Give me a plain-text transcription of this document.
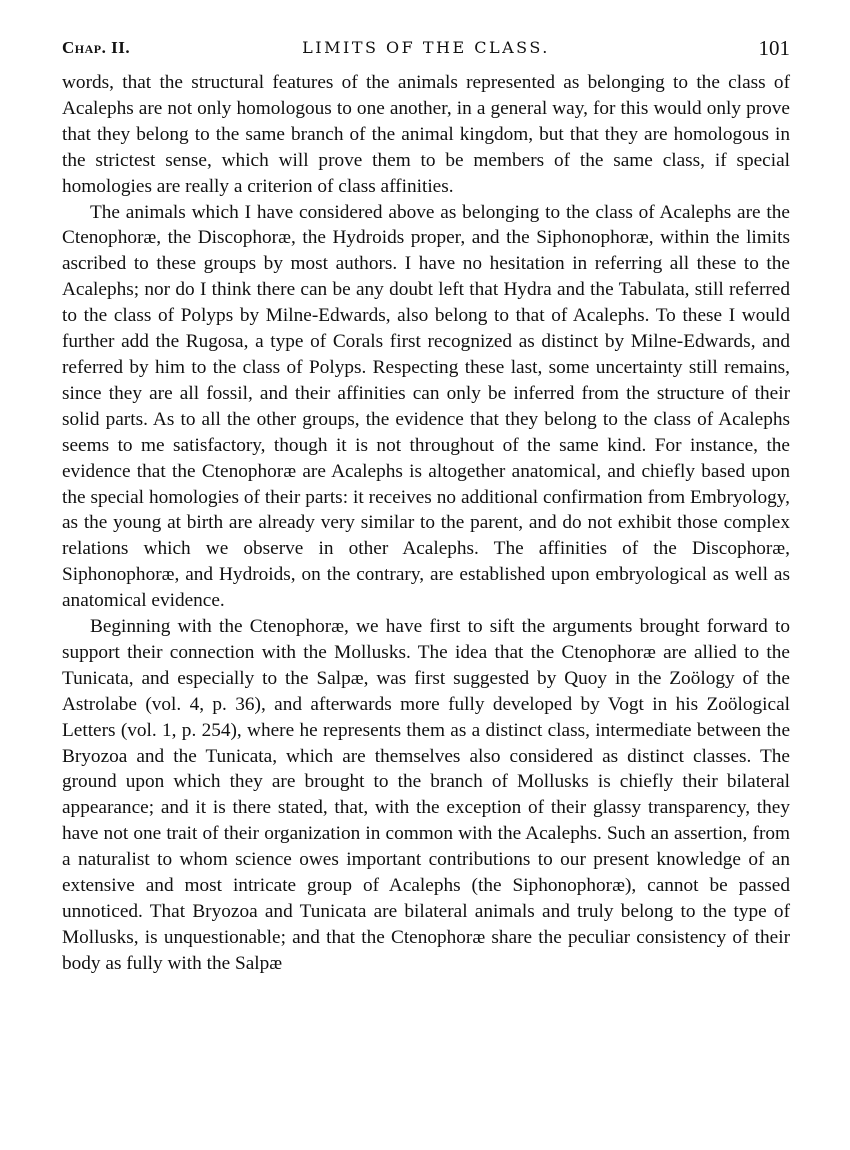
Chap. II.	LIMITS OF THE CLASS.	101

words, that the structural features of the animals represented as belonging to the class of Acalephs are not only homologous to one another, in a general way, for this would only prove that they belong to the same branch of the animal kingdom, but that they are homologous in the strictest sense, which will prove them to be members of the same class, if special homologies are really a criterion of class affinities.

The animals which I have considered above as belonging to the class of Acalephs are the Ctenophoræ, the Discophoræ, the Hydroids proper, and the Siphonophoræ, within the limits ascribed to these groups by most authors. I have no hesitation in referring all these to the Acalephs; nor do I think there can be any doubt left that Hydra and the Tabulata, still referred to the class of Polyps by Milne-Edwards, also belong to that of Acalephs. To these I would further add the Rugosa, a type of Corals first recognized as distinct by Milne-Edwards, and referred by him to the class of Polyps. Respecting these last, some uncertainty still remains, since they are all fossil, and their affinities can only be inferred from the structure of their solid parts. As to all the other groups, the evidence that they belong to the class of Acalephs seems to me satisfactory, though it is not throughout of the same kind. For instance, the evidence that the Ctenophoræ are Acalephs is altogether anatomical, and chiefly based upon the special homologies of their parts: it receives no additional confirmation from Embryology, as the young at birth are already very similar to the parent, and do not exhibit those complex relations which we observe in other Acalephs. The affinities of the Discophoræ, Siphonophoræ, and Hydroids, on the contrary, are established upon embryological as well as anatomical evidence.

Beginning with the Ctenophoræ, we have first to sift the arguments brought forward to support their connection with the Mollusks. The idea that the Ctenophoræ are allied to the Tunicata, and especially to the Salpæ, was first suggested by Quoy in the Zoölogy of the Astrolabe (vol. 4, p. 36), and afterwards more fully developed by Vogt in his Zoölogical Letters (vol. 1, p. 254), where he represents them as a distinct class, intermediate between the Bryozoa and the Tunicata, which are themselves also considered as distinct classes. The ground upon which they are brought to the branch of Mollusks is chiefly their bilateral appearance; and it is there stated, that, with the exception of their glassy transparency, they have not one trait of their organization in common with the Acalephs. Such an assertion, from a naturalist to whom science owes important contributions to our present knowledge of an extensive and most intricate group of Acalephs (the Siphonophoræ), cannot be passed unnoticed. That Bryozoa and Tunicata are bilateral animals and truly belong to the type of Mollusks, is unquestionable; and that the Ctenophoræ share the peculiar consistency of their body as fully with the Salpæ
